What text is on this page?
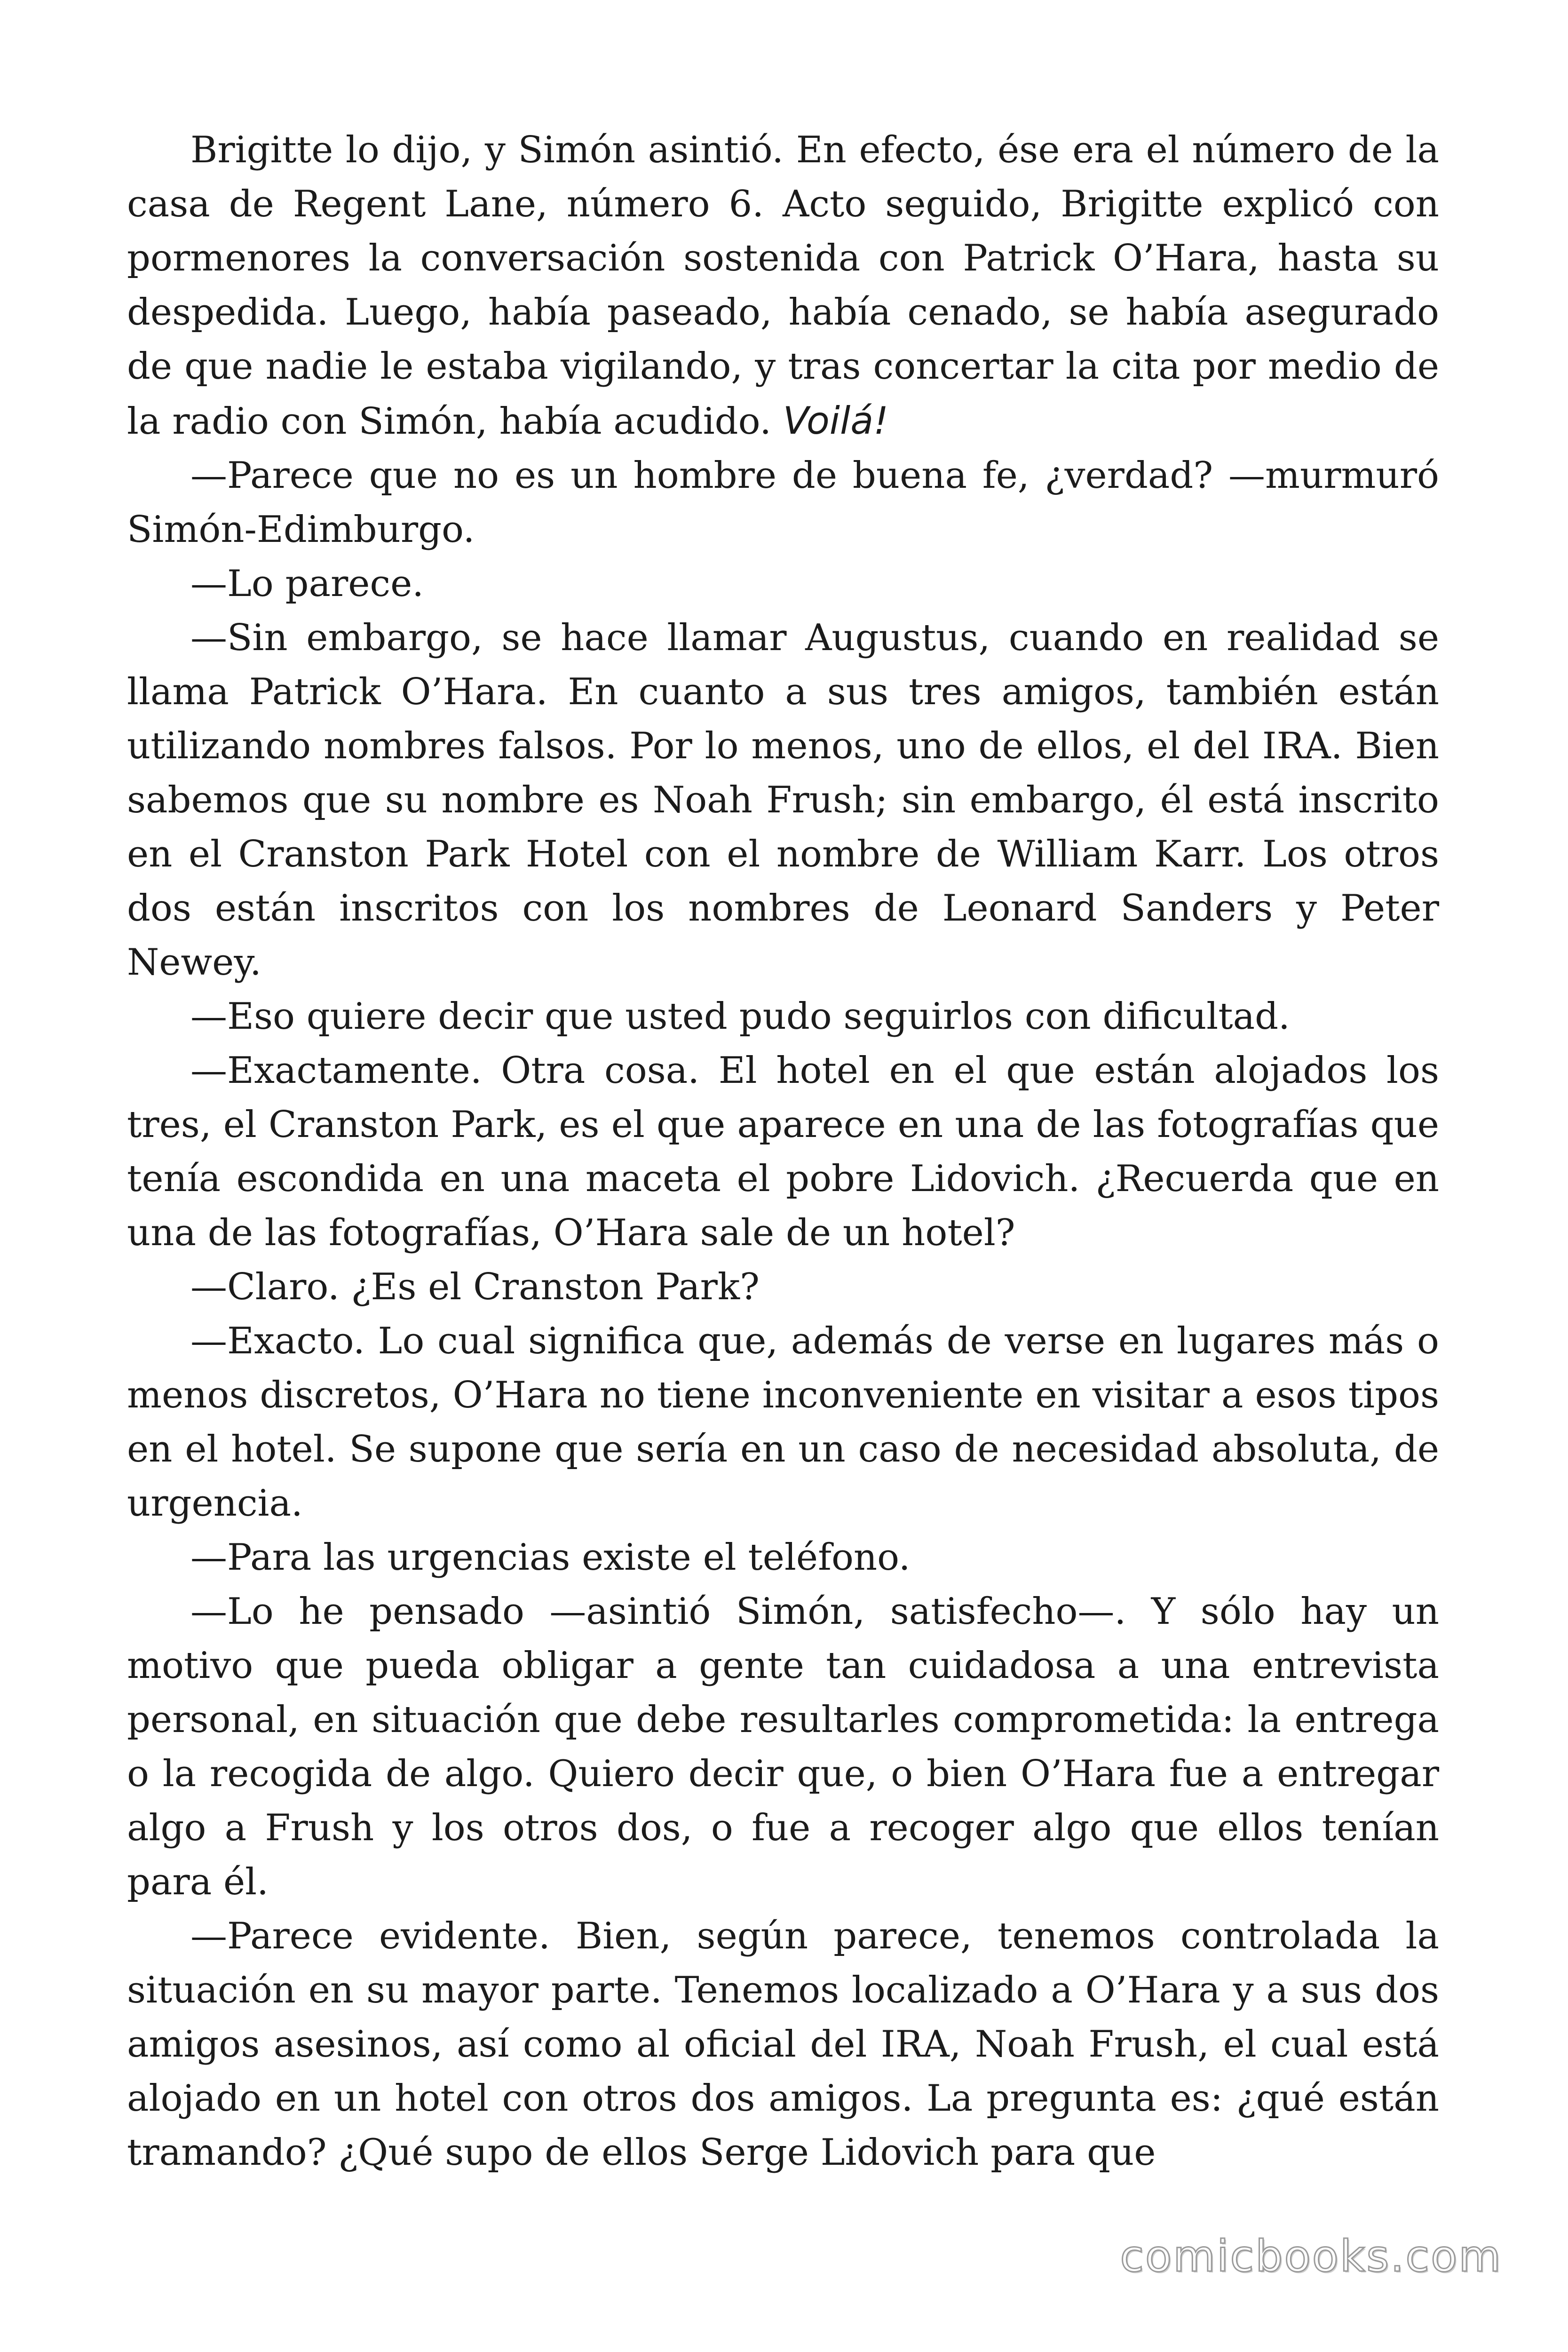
Brigitte lo dijo, y Simón asintió. En efecto, ése era el número de la casa de Regent Lane, número 6. Acto seguido, Brigitte explicó con pormenores la conversación sostenida con Patrick O’Hara, hasta su despedida. Luego, había paseado, había cenado, se había asegurado de que nadie le estaba vigilando, y tras concertar la cita por medio de la radio con Simón, había acudido. Voilá!

—Parece que no es un hombre de buena fe, ¿verdad? —murmuró Simón-Edimburgo.

—Lo parece.

—Sin embargo, se hace llamar Augustus, cuando en realidad se llama Patrick O’Hara. En cuanto a sus tres amigos, también están utilizando nombres falsos. Por lo menos, uno de ellos, el del IRA. Bien sabemos que su nombre es Noah Frush; sin embargo, él está inscrito en el Cranston Park Hotel con el nombre de William Karr. Los otros dos están inscritos con los nombres de Leonard Sanders y Peter Newey.

—Eso quiere decir que usted pudo seguirlos con dificultad.

—Exactamente. Otra cosa. El hotel en el que están alojados los tres, el Cranston Park, es el que aparece en una de las fotografías que tenía escondida en una maceta el pobre Lidovich. ¿Recuerda que en una de las fotografías, O’Hara sale de un hotel?

—Claro. ¿Es el Cranston Park?

—Exacto. Lo cual significa que, además de verse en lugares más o menos discretos, O’Hara no tiene inconveniente en visitar a esos tipos en el hotel. Se supone que sería en un caso de necesidad absoluta, de urgencia.

—Para las urgencias existe el teléfono.

—Lo he pensado —asintió Simón, satisfecho—. Y sólo hay un motivo que pueda obligar a gente tan cuidadosa a una entrevista personal, en situación que debe resultarles comprometida: la entrega o la recogida de algo. Quiero decir que, o bien O’Hara fue a entregar algo a Frush y los otros dos, o fue a recoger algo que ellos tenían para él.

—Parece evidente. Bien, según parece, tenemos controlada la situación en su mayor parte. Tenemos localizado a O’Hara y a sus dos amigos asesinos, así como al oficial del IRA, Noah Frush, el cual está alojado en un hotel con otros dos amigos. La pregunta es: ¿qué están tramando? ¿Qué supo de ellos Serge Lidovich para que

comicbooks.com
